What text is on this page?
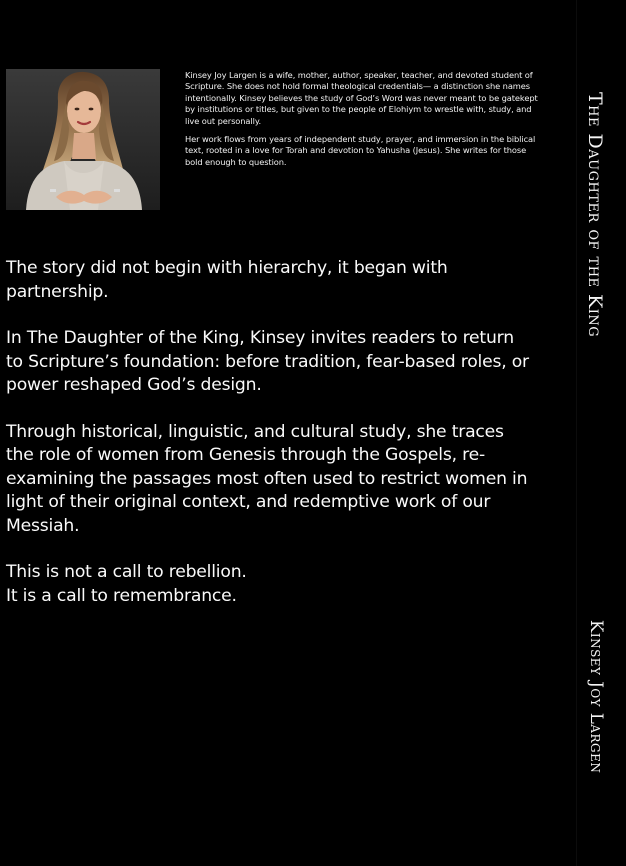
Kinsey Joy Largen is a wife, mother, author, speaker, teacher, and devoted student of Scripture. She does not hold formal theological credentials— a distinction she names intentionally. Kinsey believes the study of God’s Word was never meant to be gatekept by institutions or titles, but given to the people of Elohiym to wrestle with, study, and live out personally.

Her work flows from years of independent study, prayer, and immersion in the biblical text, rooted in a love for Torah and devotion to Yahusha (Jesus). She writes for those bold enough to question.

The story did not begin with hierarchy, it began with partnership.

In The Daughter of the King, Kinsey invites readers to return to Scripture’s foundation: before tradition, fear-based roles, or power reshaped God’s design.

Through historical, linguistic, and cultural study, she traces the role of women from Genesis through the Gospels, re-examining the passages most often used to restrict women in light of their original context, and redemptive work of our Messiah.

This is not a call to rebellion.
It is a call to remembrance.

The Daughter of the King
Kinsey Joy Largen
